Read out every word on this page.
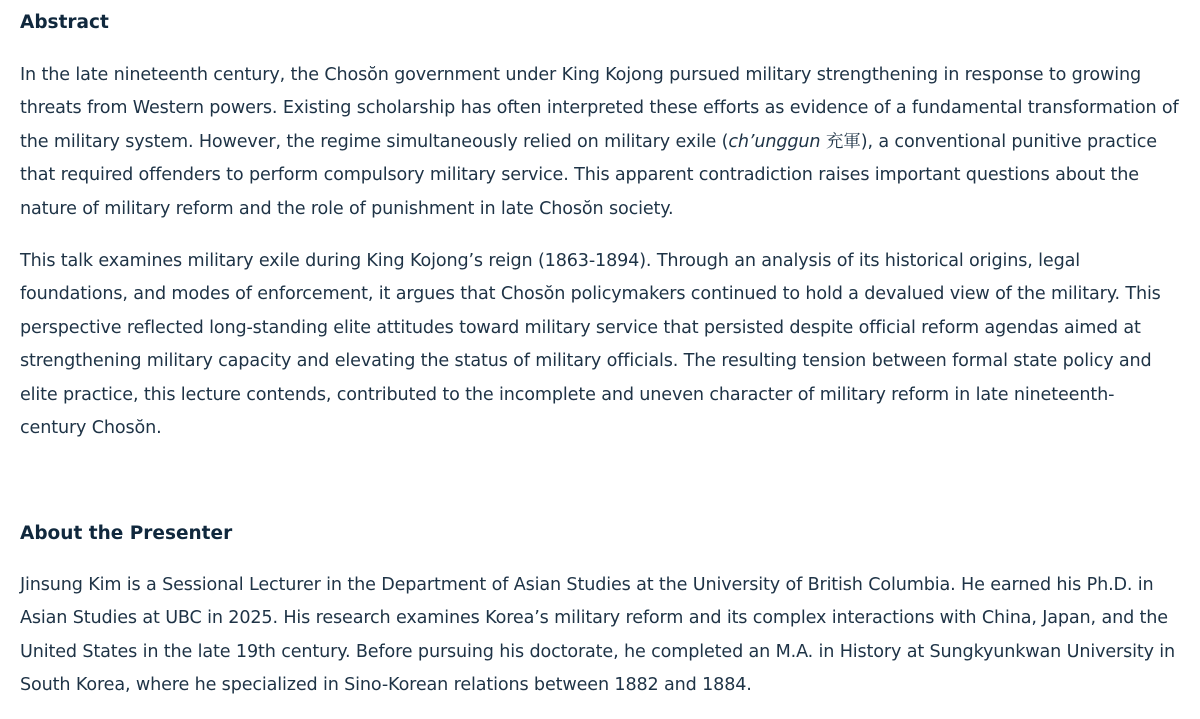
Abstract

In the late nineteenth century, the Chosŏn government under King Kojong pursued military strengthening in response to growing threats from Western powers. Existing scholarship has often interpreted these efforts as evidence of a fundamental transformation of the military system. However, the regime simultaneously relied on military exile (ch’unggun 充軍), a conventional punitive practice that required offenders to perform compulsory military service. This apparent contradiction raises important questions about the nature of military reform and the role of punishment in late Chosŏn society.

This talk examines military exile during King Kojong’s reign (1863-1894). Through an analysis of its historical origins, legal foundations, and modes of enforcement, it argues that Chosŏn policymakers continued to hold a devalued view of the military. This perspective reflected long-standing elite attitudes toward military service that persisted despite official reform agendas aimed at strengthening military capacity and elevating the status of military officials. The resulting tension between formal state policy and elite practice, this lecture contends, contributed to the incomplete and uneven character of military reform in late nineteenth-century Chosŏn.

About the Presenter

Jinsung Kim is a Sessional Lecturer in the Department of Asian Studies at the University of British Columbia. He earned his Ph.D. in Asian Studies at UBC in 2025. His research examines Korea’s military reform and its complex interactions with China, Japan, and the United States in the late 19th century. Before pursuing his doctorate, he completed an M.A. in History at Sungkyunkwan University in South Korea, where he specialized in Sino-Korean relations between 1882 and 1884.
